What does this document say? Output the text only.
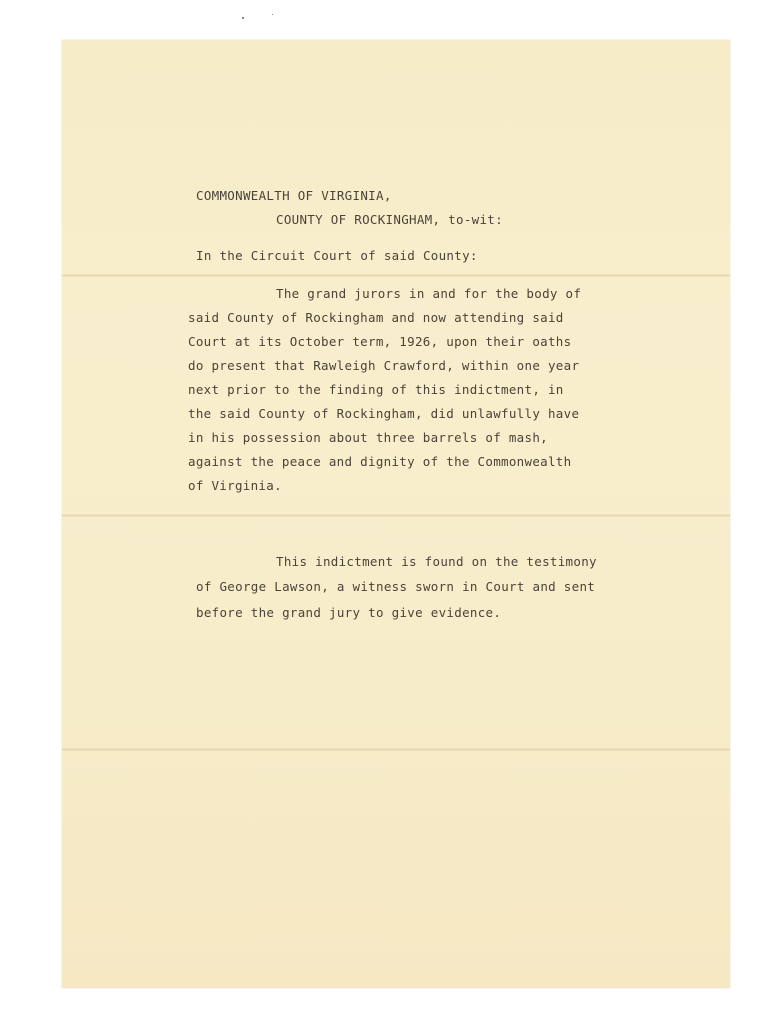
COMMONWEALTH OF VIRGINIA,

COUNTY OF ROCKINGHAM, to-wit:

In the Circuit Court of said County:

The grand jurors in and for the body of

said County of Rockingham and now attending said

Court at its October term, 1926, upon their oaths

do present that Rawleigh Crawford, within one year

next prior to the finding of this indictment, in

the said County of Rockingham, did unlawfully have

in his possession about three barrels of mash,

against the peace and dignity of the Commonwealth

of Virginia.

This indictment is found on the testimony

of George Lawson, a witness sworn in Court and sent

before the grand jury to give evidence.
